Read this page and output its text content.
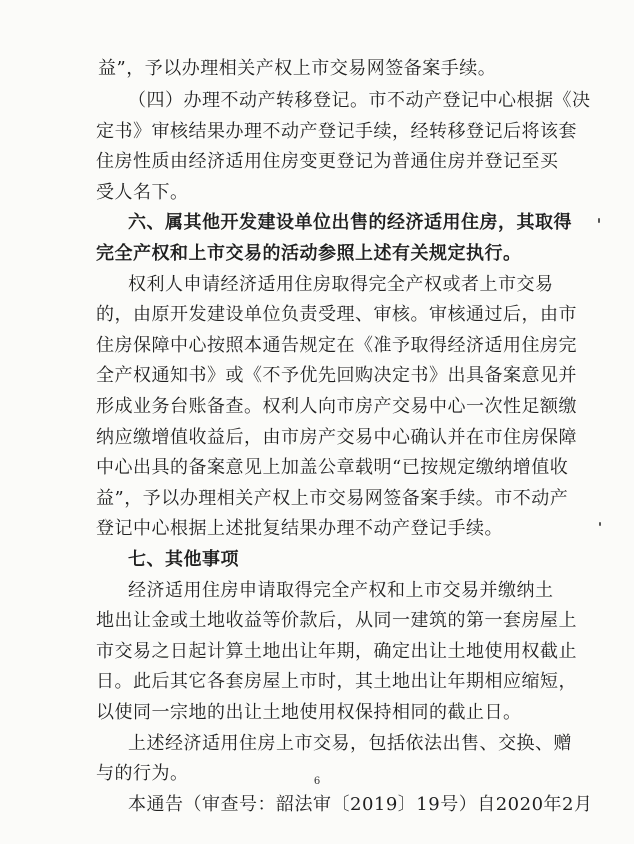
益”，予以办理相关产权上市交易网签备案手续。
（四）办理不动产转移登记。市不动产登记中心根据《决
定书》审核结果办理不动产登记手续，经转移登记后将该套
住房性质由经济适用住房变更登记为普通住房并登记至买
受人名下。
六、属其他开发建设单位出售的经济适用住房，其取得
完全产权和上市交易的活动参照上述有关规定执行。
权利人申请经济适用住房取得完全产权或者上市交易
的，由原开发建设单位负责受理、审核。审核通过后，由市
住房保障中心按照本通告规定在《准予取得经济适用住房完
全产权通知书》或《不予优先回购决定书》出具备案意见并
形成业务台账备查。权利人向市房产交易中心一次性足额缴
纳应缴增值收益后，由市房产交易中心确认并在市住房保障
中心出具的备案意见上加盖公章载明“已按规定缴纳增值收
益”，予以办理相关产权上市交易网签备案手续。市不动产
登记中心根据上述批复结果办理不动产登记手续。
七、其他事项
经济适用住房申请取得完全产权和上市交易并缴纳土
地出让金或土地收益等价款后，从同一建筑的第一套房屋上
市交易之日起计算土地出让年期，确定出让土地使用权截止
日。此后其它各套房屋上市时，其土地出让年期相应缩短，
以使同一宗地的出让土地使用权保持相同的截止日。
上述经济适用住房上市交易，包括依法出售、交换、赠
与的行为。
本通告（审查号：韶法审〔2019〕19号）自2020年2月
6
